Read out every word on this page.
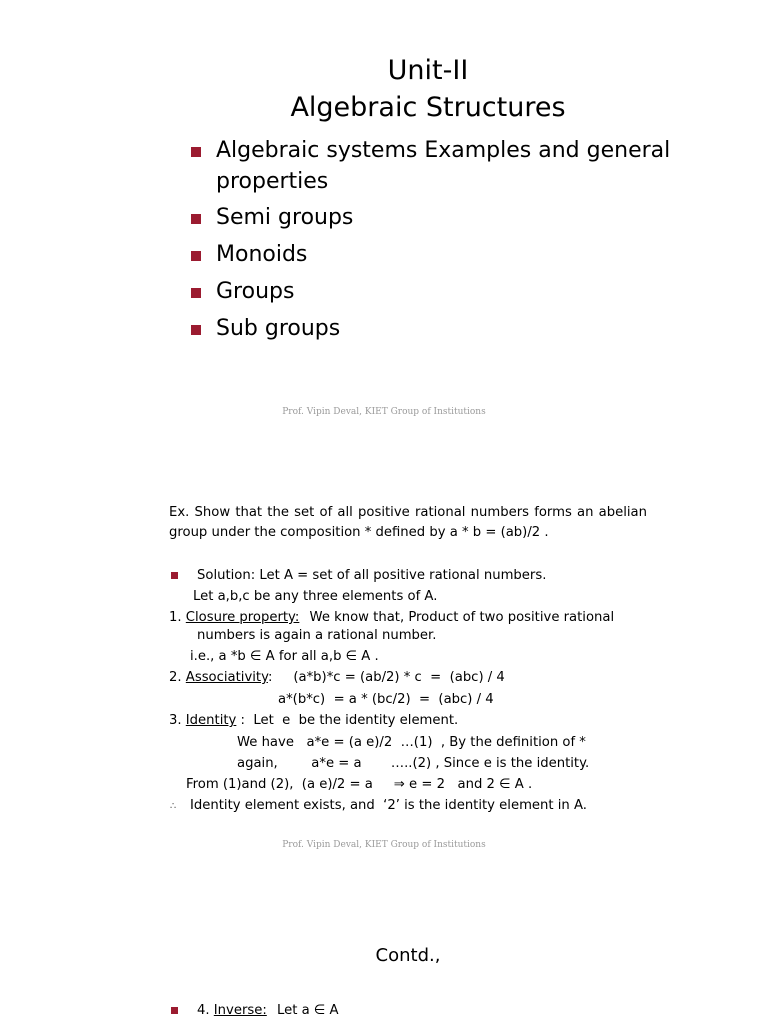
Unit-II
Algebraic Structures
Algebraic systems Examples and general
properties
Semi groups
Monoids
Groups
Sub groups
Prof. Vipin Deval, KIET Group of Institutions
Ex. Show that the set of all positive rational numbers forms an abelian group under the composition * defined by a * b = (ab)/2 .
Solution: Let A = set of all positive rational numbers.
Let a,b,c be any three elements of A.
1. Closure property: We know that, Product of two positive rational
numbers is again a rational number.
i.e., a *b ∈ A for all a,b ∈ A .
2. Associativity:     (a*b)*c = (ab/2) * c  =  (abc) / 4
a*(b*c)  = a * (bc/2)  =  (abc) / 4
3. Identity :  Let  e  be the identity element.
We have   a*e = (a e)/2  …(1)  , By the definition of *
again,        a*e = a       …..(2) , Since e is the identity.
From (1)and (2),  (a e)/2 = a     ⇒ e = 2   and 2 ∈ A .
∴ Identity element exists, and  ‘2’ is the identity element in A.
Prof. Vipin Deval, KIET Group of Institutions
Contd.,
4. Inverse: Let a ∈ A
